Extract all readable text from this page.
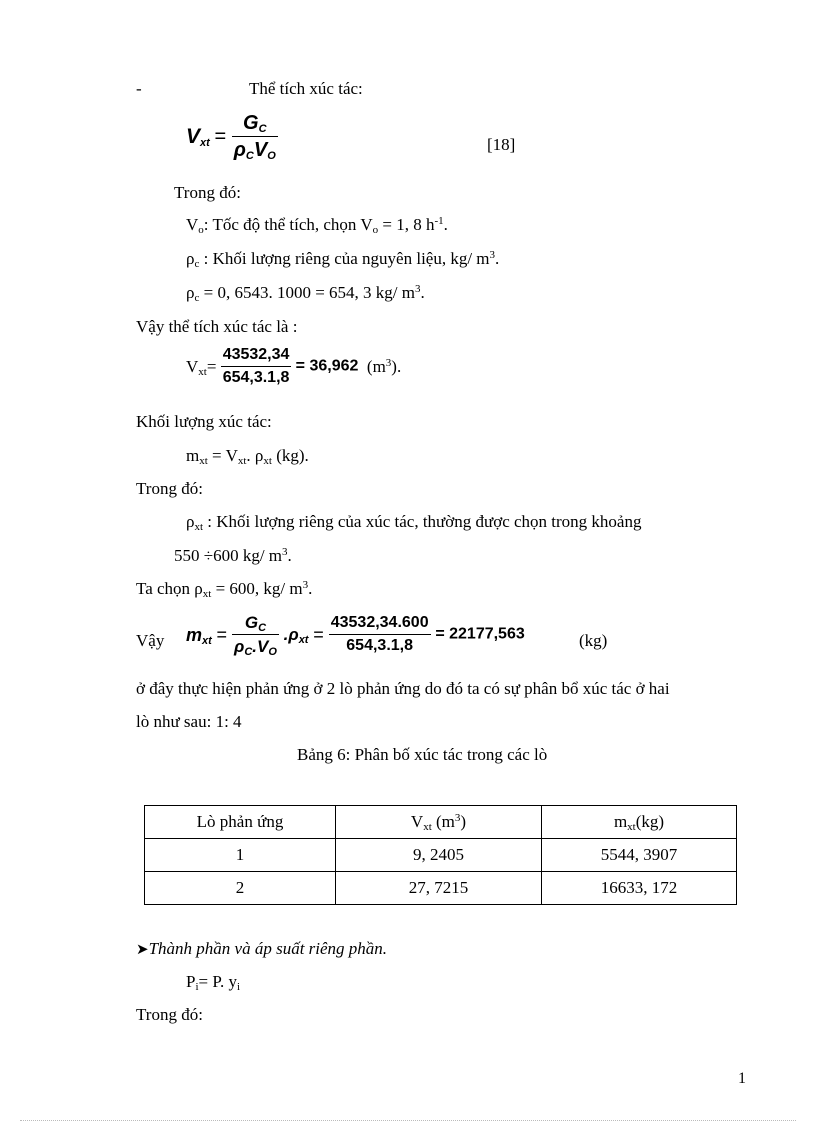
-	Thể tích xúc tác:
$V_{xt} = \frac{G_C}{\rho_CV_O}$	[18]
Trong đó:
$V_o$: Tốc độ thể tích, chọn $V_o = 1$, 8 $h^{-1}$.
$\rho_c$ : Khối lượng riêng của nguyên liệu, kg/ $m^3$.
$\rho_c = 0$, 6543. 1000 = 654, 3 kg/ $m^3$.
Vậy thể tích xúc tác là :
$V_{xt}= \frac{43532,34}{654,3.1,8} = 36,962$ $(m^3)$.
Khối lượng xúc tác:
$m_{xt} = V_{xt}$. $\rho_{xt}$ (kg).
Trong đó:
$\rho_{xt}$ : Khối lượng riêng của xúc tác, thường được chọn trong khoảng
550 ÷600 kg/ $m^3$.
Ta chọn $\rho_{xt} = 600$, kg/ $m^3$.
Vậy $m_{xt} = \frac{G_C}{\rho_C.V_O} .\rho_{xt} = \frac{43532,34.600}{654,3.1,8} = 22177,563$	(kg)
ở đây thực hiện phản ứng ở 2 lò phản ứng do đó ta có sự phân bổ xúc tác ở hai
lò như sau: 1: 4
Bảng 6: Phân bố xúc tác trong các lò
Lò phản ứng	$V_{xt}$ $(m^3)$	$m_{xt}(kg)$
1	9, 2405	5544, 3907
2	27, 7215	16633, 172
➤Thành phần và áp suất riêng phần.
$P_i= P$. $y_i$
Trong đó:
1
